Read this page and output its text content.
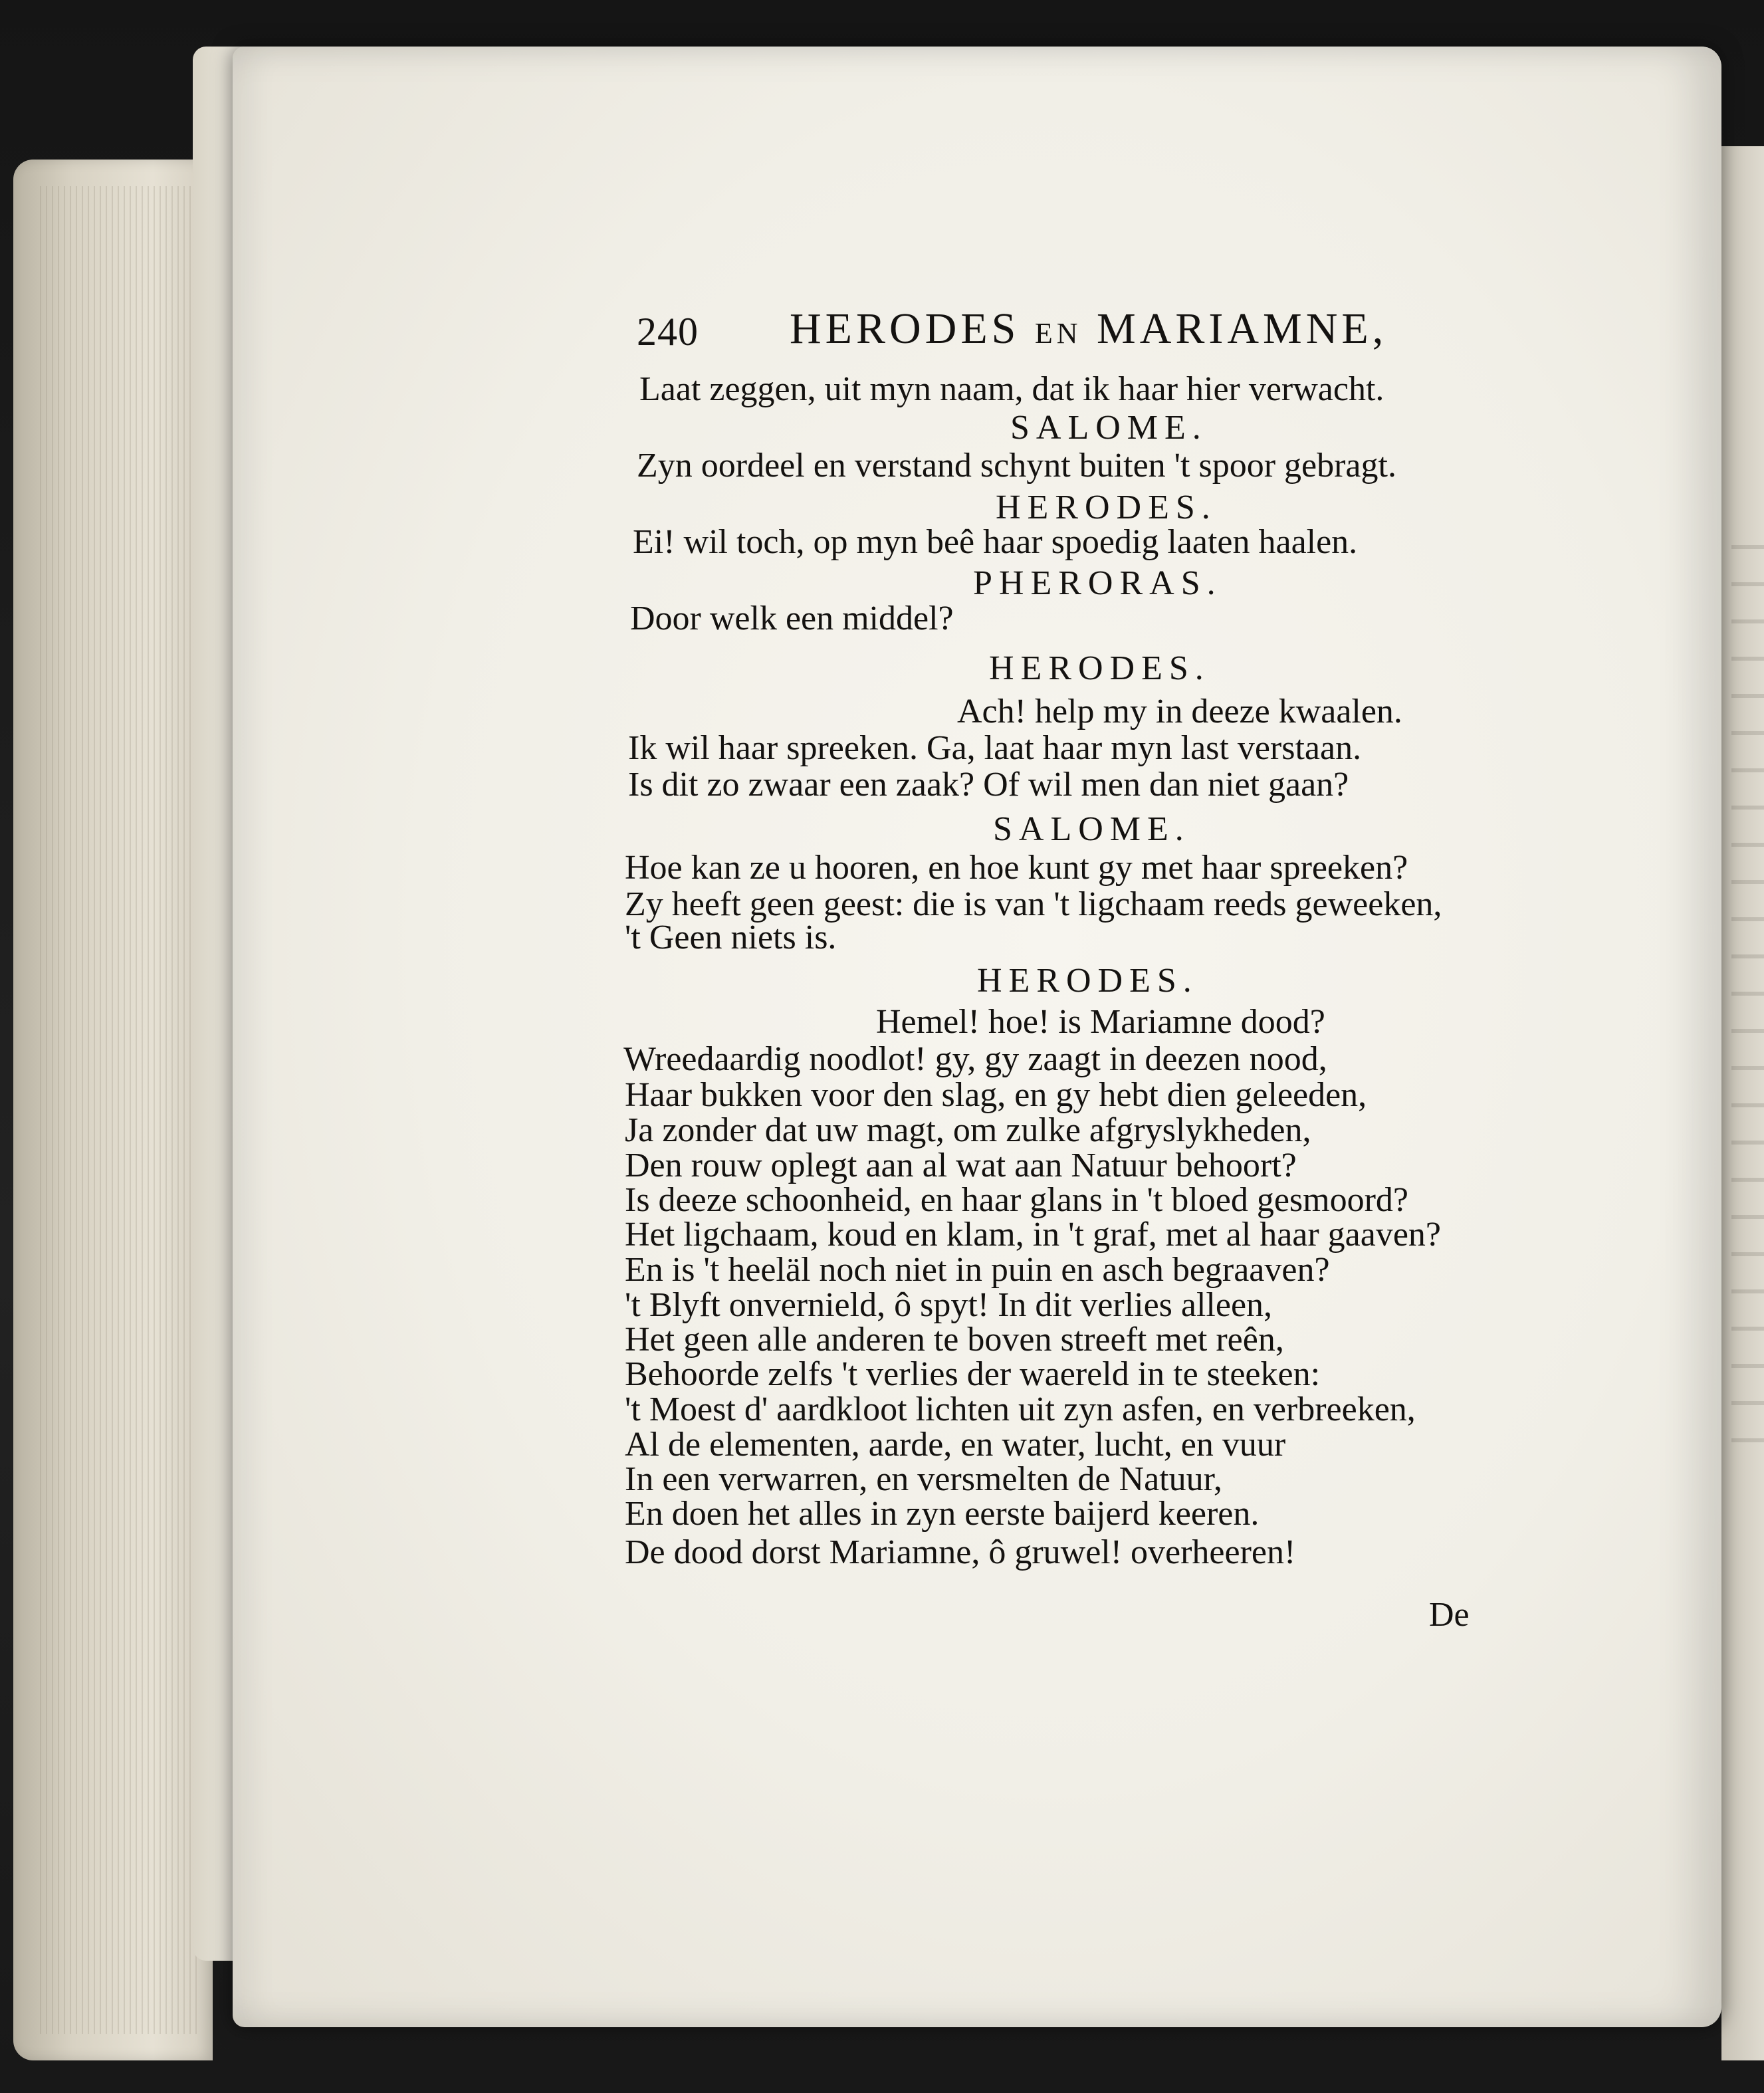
240 HERODES EN MARIAMNE,
Laat zeggen, uit myn naam, dat ik haar hier verwacht.
SALOME.
Zyn oordeel en verstand schynt buiten 't spoor gebragt.
HERODES.
Ei! wil toch, op myn beê haar spoedig laaten haalen.
PHERORAS.
Door welk een middel?
HERODES.
Ach! help my in deeze kwaalen.
Ik wil haar spreeken. Ga, laat haar myn last verstaan.
Is dit zo zwaar een zaak? Of wil men dan niet gaan?
SALOME.
Hoe kan ze u hooren, en hoe kunt gy met haar spreeken?
Zy heeft geen geest: die is van 't ligchaam reeds geweeken,
't Geen niets is.
HERODES.
Hemel! hoe! is Mariamne dood?
Wreedaardig noodlot! gy, gy zaagt in deezen nood,
Haar bukken voor den slag, en gy hebt dien geleeden,
Ja zonder dat uw magt, om zulke afgryslykheden,
Den rouw oplegt aan al wat aan Natuur behoort?
Is deeze schoonheid, en haar glans in 't bloed gesmoord?
Het ligchaam, koud en klam, in 't graf, met al haar gaaven?
En is 't heeläl noch niet in puin en asch begraaven?
't Blyft onvernield, ô spyt! In dit verlies alleen,
Het geen alle anderen te boven streeft met reên,
Behoorde zelfs 't verlies der waereld in te steeken:
't Moest d' aardkloot lichten uit zyn asfen, en verbreeken,
Al de elementen, aarde, en water, lucht, en vuur
In een verwarren, en versmelten de Natuur,
En doen het alles in zyn eerste baijerd keeren.
De dood dorst Mariamne, ô gruwel! overheeren!
De
